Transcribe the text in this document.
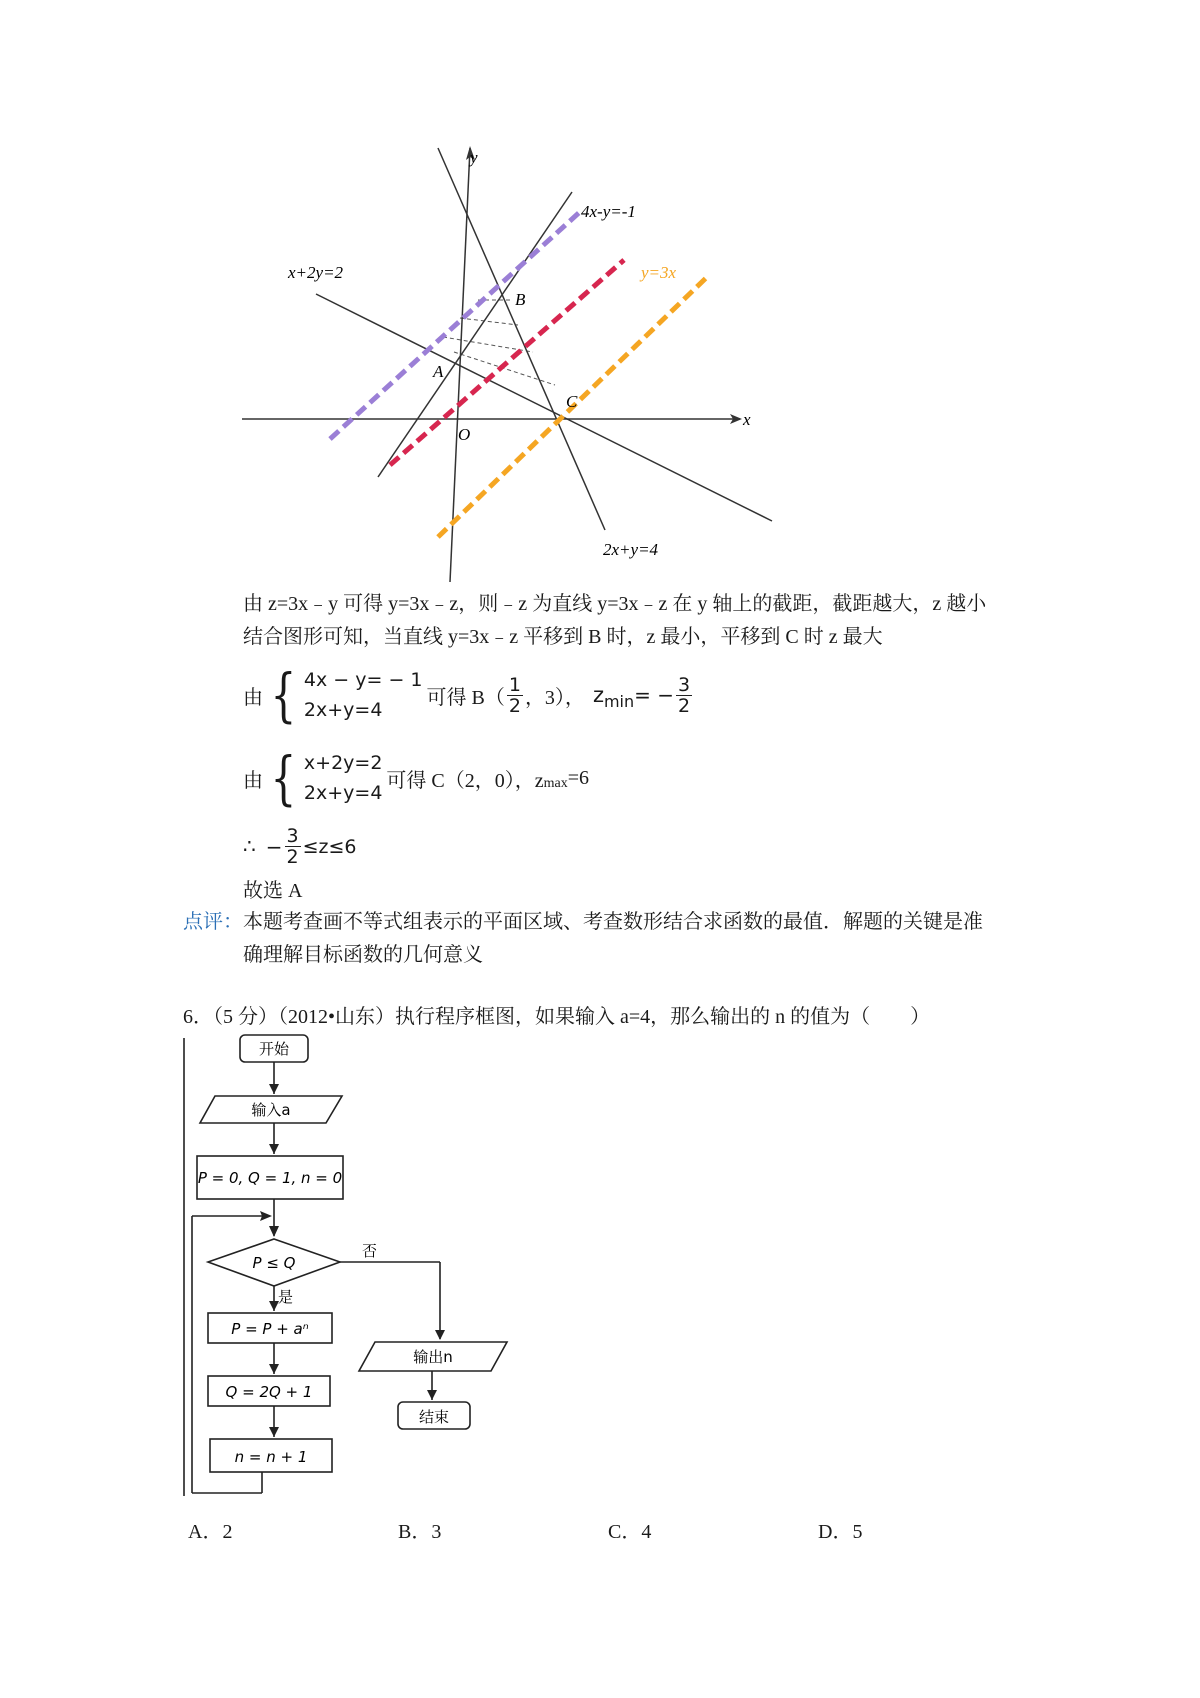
y
x
4x-y=-1
x+2y=2	y=3x
2x+y=4
A
B
C
O
由 z=3x﹣y 可得 y=3x﹣z，则﹣z 为直线 y=3x﹣z 在 y 轴上的截距，截距越大，z 越小
结合图形可知，当直线 y=3x﹣z 平移到 B 时，z 最小，平移到 C 时 z 最大
由 { 4x − y= − 1
2x+y=4
可得 $B( \frac{1}{2}$ ，3）， z min = − $\frac{3}{2}$
由 { x+2y=2
2x+y=4
可得 C（2，0），z max =6
∴ − $\frac{3}{2} \le z\le 6$
故选 A
点评：本题考查画不等式组表示的平面区域、考查数形结合求函数的最值．解题的关键是准
确理解目标函数的几何意义
6．（5 分）（2012•山东）执行程序框图，如果输入 a=4，那么输出的 n 的值为（　　）
开始
输入a
P = 0, Q = 1, n = 0
P ≤ Q
否
是
P = P + aⁿ
Q = 2Q + 1
n = n + 1
输出n
结束
A．2	B．3	C．4	D．5
